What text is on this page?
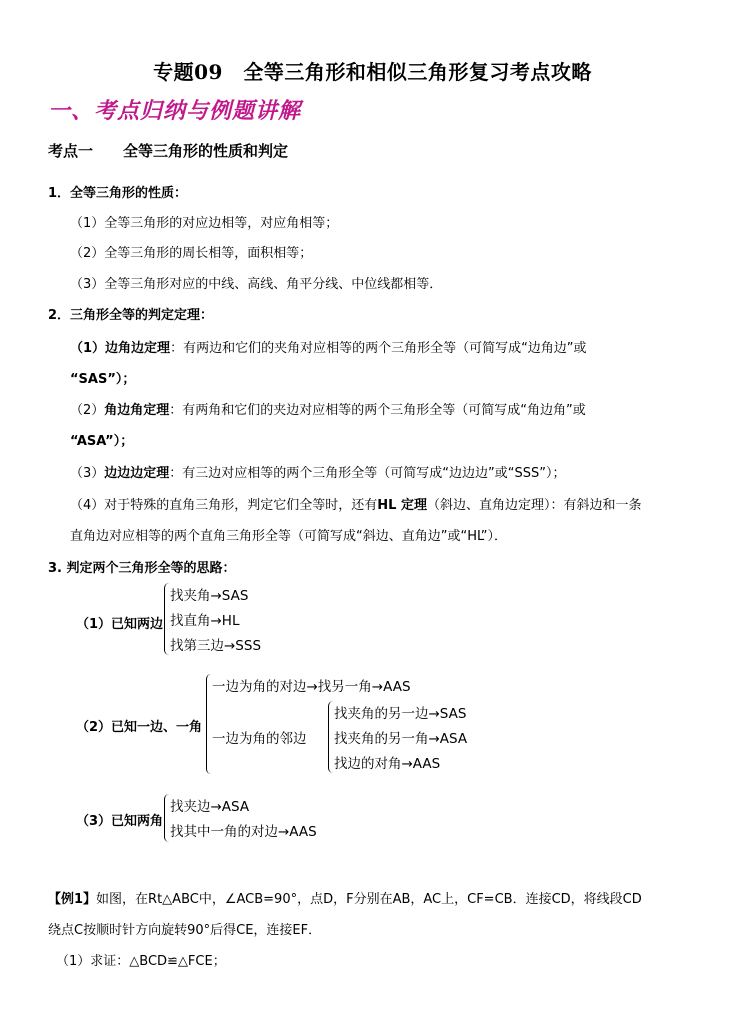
专题09　全等三角形和相似三角形复习考点攻略
一、考点归纳与例题讲解
考点一 全等三角形的性质和判定
1．全等三角形的性质：
（1）全等三角形的对应边相等，对应角相等；
（2）全等三角形的周长相等，面积相等；
（3）全等三角形对应的中线、高线、角平分线、中位线都相等．
2．三角形全等的判定定理：
（1）边角边定理：有两边和它们的夹角对应相等的两个三角形全等（可简写成“边角边”或
“SAS”）；
（2）角边角定理：有两角和它们的夹边对应相等的两个三角形全等（可简写成“角边角”或
“ASA”）；
（3）边边边定理：有三边对应相等的两个三角形全等（可简写成“边边边”或“SSS”）；
（4）对于特殊的直角三角形，判定它们全等时，还有HL 定理（斜边、直角边定理）：有斜边和一条
直角边对应相等的两个直角三角形全等（可简写成“斜边、直角边”或“HL”）．
3. 判定两个三角形全等的思路：
（1）已知两边
找夹角→SAS
找直角→HL
找第三边→SSS
（2）已知一边、一角
一边为角的对边→找另一角→AAS
一边为角的邻边
找夹角的另一边→SAS
找夹角的另一角→ASA
找边的对角→AAS
（3）已知两角
找夹边→ASA
找其中一角的对边→AAS
【例1】如图，在Rt△ABC中，∠ACB=90°，点D，F分别在AB，AC上，CF=CB．连接CD，将线段CD
绕点C按顺时针方向旋转90°后得CE，连接EF．
（1）求证：△BCD≌△FCE；
